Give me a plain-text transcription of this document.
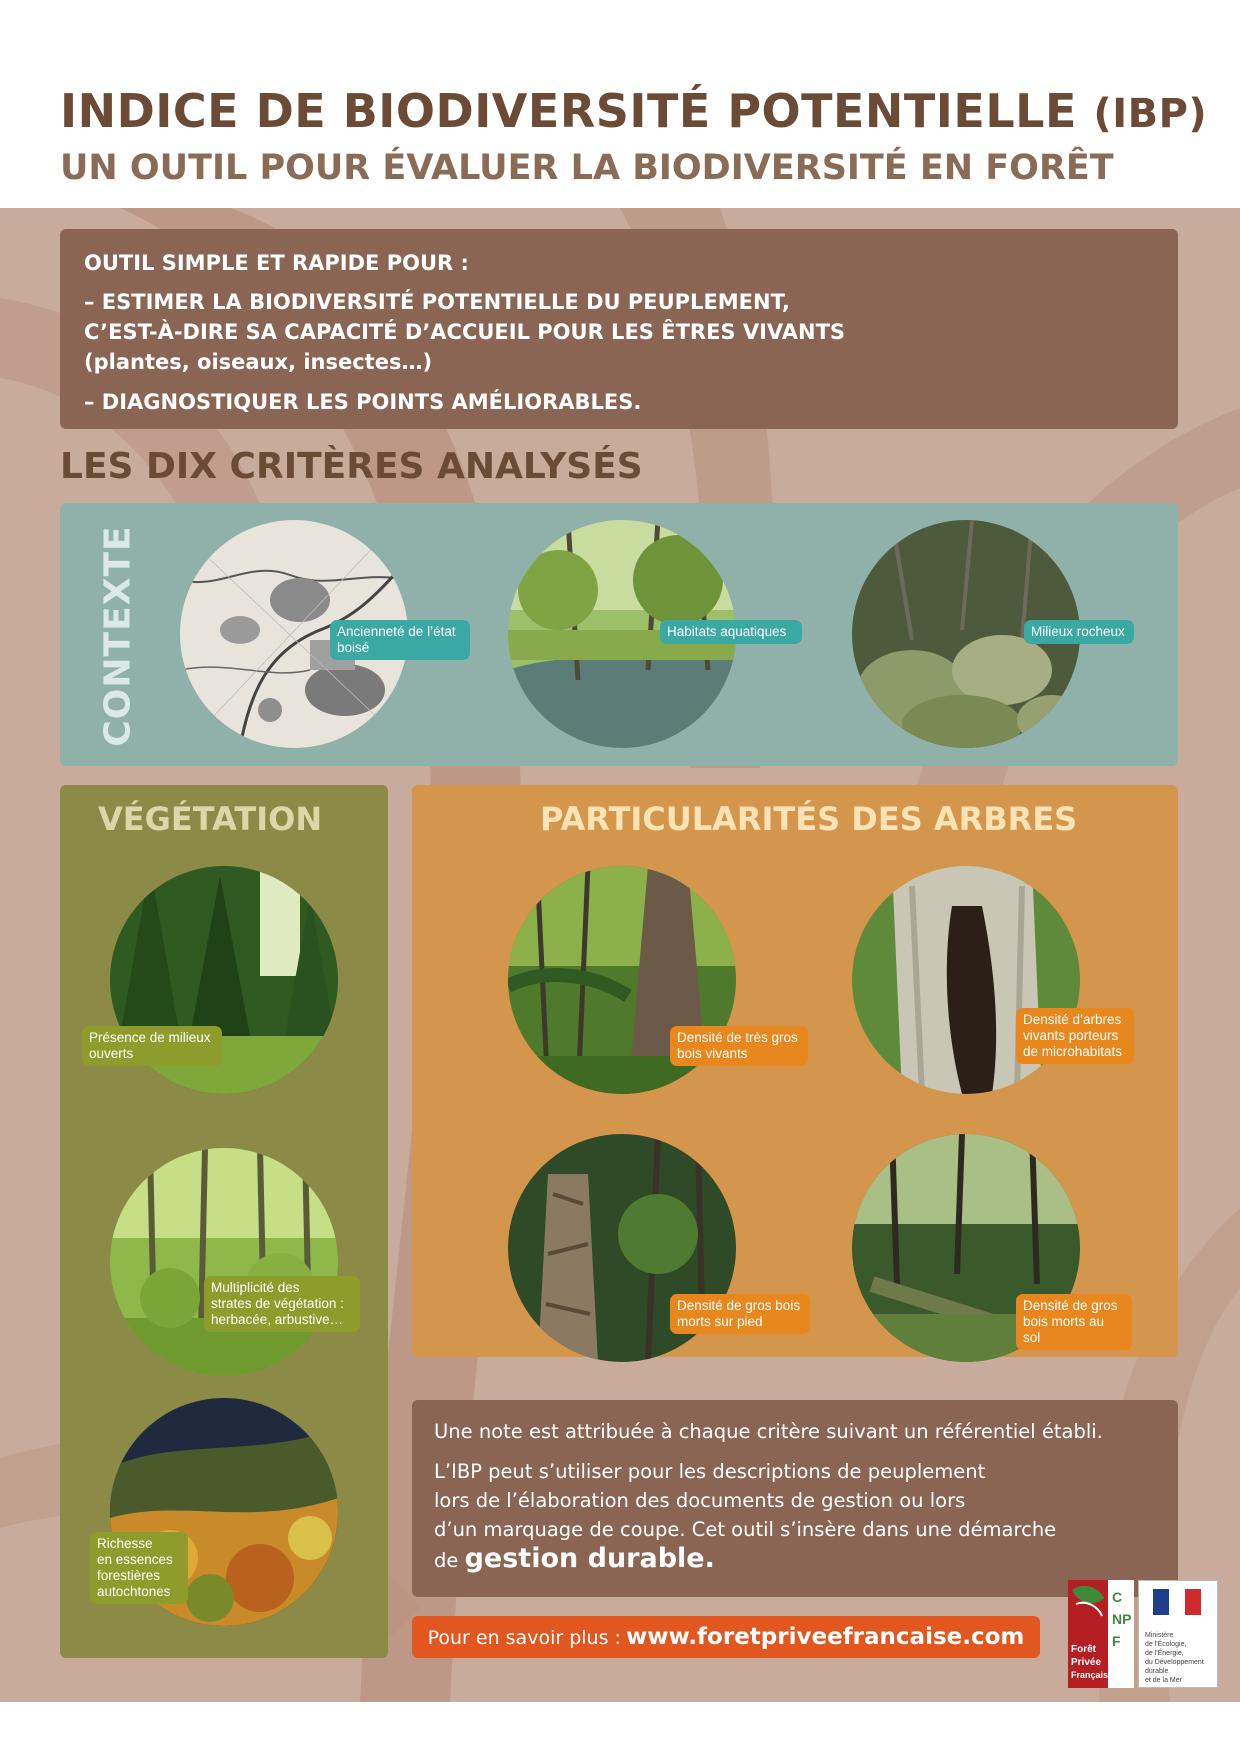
INDICE DE BIODIVERSITÉ POTENTIELLE (IBP)
UN OUTIL POUR ÉVALUER LA BIODIVERSITÉ EN FORÊT
OUTIL SIMPLE ET RAPIDE POUR :
– ESTIMER LA BIODIVERSITÉ POTENTIELLE DU PEUPLEMENT,
C’EST-À-DIRE SA CAPACITÉ D’ACCUEIL POUR LES ÊTRES VIVANTS
(plantes, oiseaux, insectes…)
– DIAGNOSTIQUER LES POINTS AMÉLIORABLES.
LES DIX CRITÈRES ANALYSÉS
CONTEXTE	Ancienneté de l’état
boisé
Habitats aquatiques	Milieux rocheux
VÉGÉTATION
Présence de milieux
ouverts
Multiplicité des
strates de végétation :
herbacée, arbustive…
Richesse
en essences
forestières
autochtones
PARTICULARITÉS DES ARBRES
Densité de très gros
bois vivants
Densité d’arbres
vivants porteurs
de microhabitats
Densité de gros bois
morts sur pied
Densité de gros
bois morts au sol
Une note est attribuée à chaque critère suivant un référentiel établi.
L’IBP peut s’utiliser pour les descriptions de peuplement
lors de l’élaboration des documents de gestion ou lors
d’un marquage de coupe. Cet outil s’insère dans une démarche
de gestion durable.
Pour en savoir plus : www.foretpriveefrancaise.com
CNPF
Forêt
Privée
Française
Ministère
de l'Écologie,
de l'Énergie,
du Développement
durable
et de la Mer
